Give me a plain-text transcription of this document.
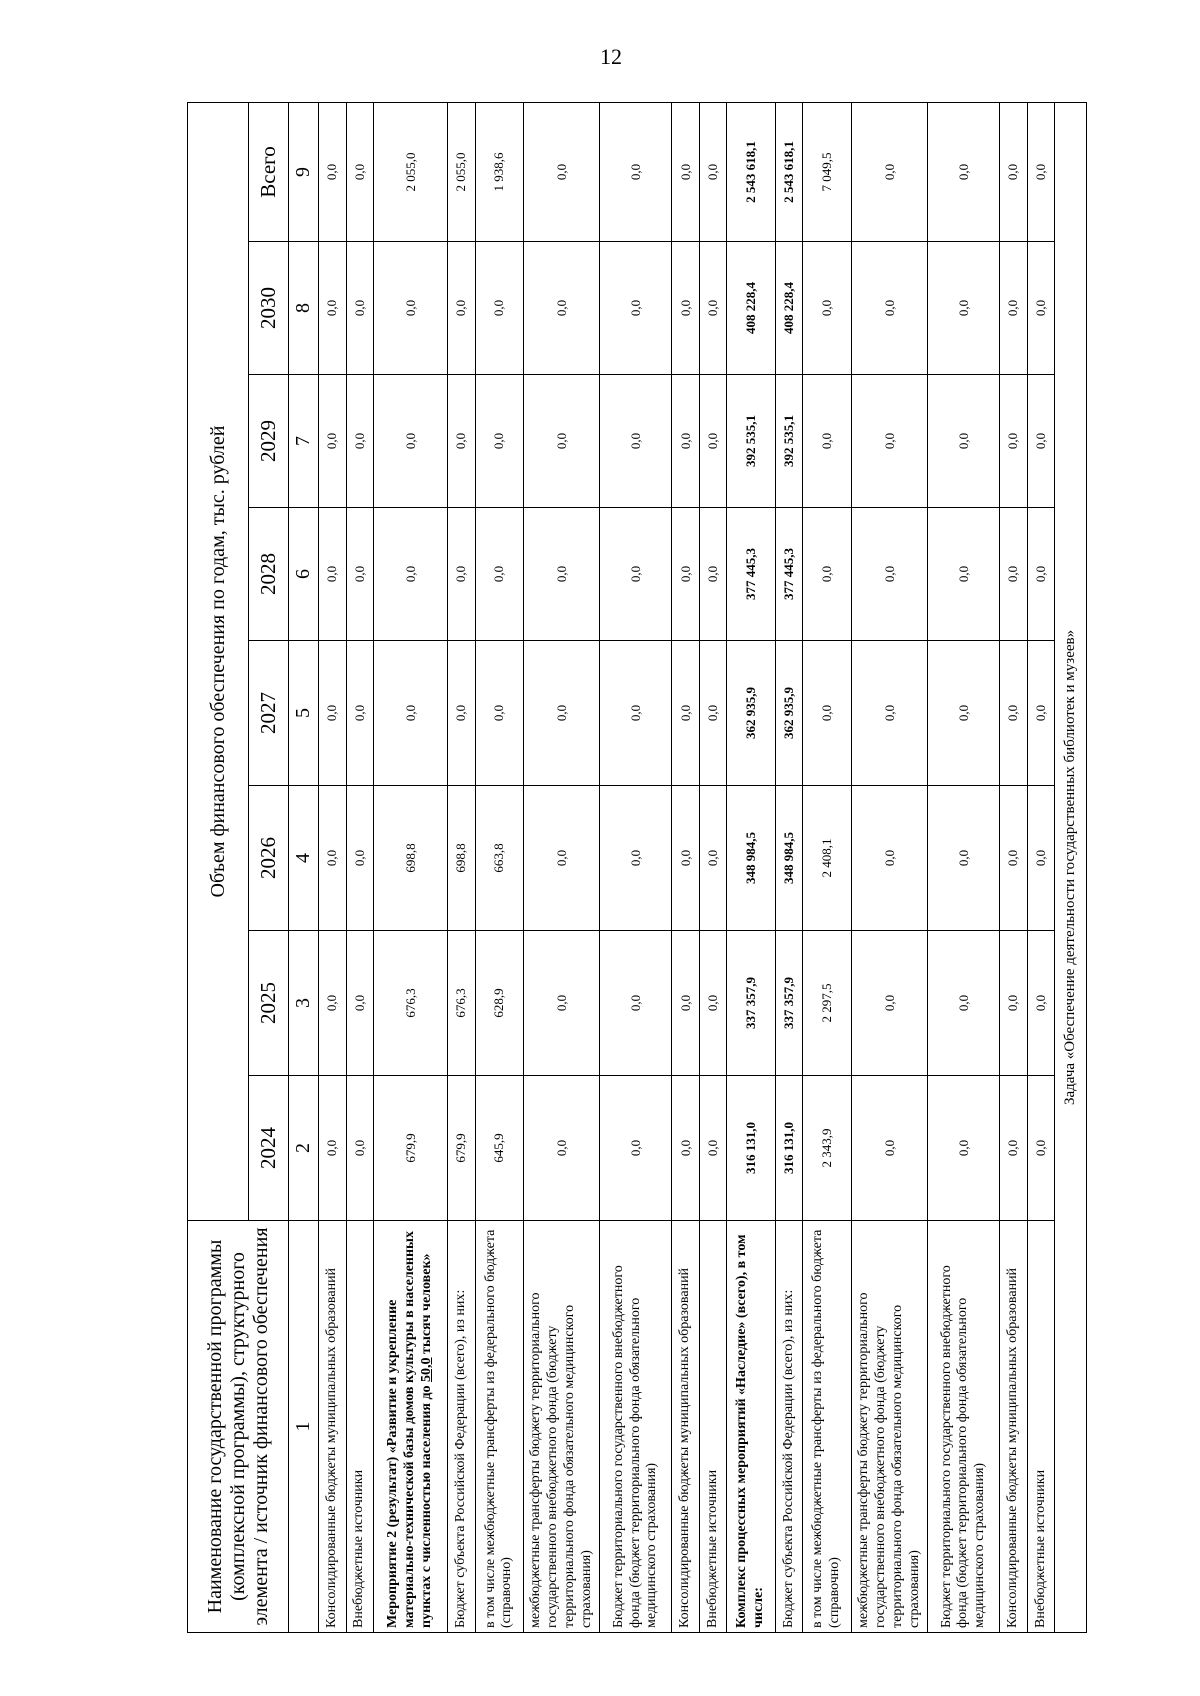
12
Наименование государственной программы (комплексной программы), структурного элемента / источник финансового обеспечения	Объем финансового обеспечения по годам, тыс. рублей							
	2024	2025	2026	2027	2028	2029	2030	Всего
1	2	3	4	5	6	7	8	9
Консолидированные бюджеты муниципальных образований	0,0	0,0	0,0	0,0	0,0	0,0	0,0	0,0
Внебюджетные источники	0,0	0,0	0,0	0,0	0,0	0,0	0,0	0,0
Мероприятие 2 (результат) «Развитие и укрепление материально-технической базы домов культуры в населенных пунктах с численностью населения до 50,0 тысяч человек»	679,9	676,3	698,8	0,0	0,0	0,0	0,0	2 055,0
Бюджет субъекта Российской Федерации (всего), из них:	679,9	676,3	698,8	0,0	0,0	0,0	0,0	2 055,0
в том числе межбюджетные трансферты из федерального бюджета (справочно)	645,9	628,9	663,8	0,0	0,0	0,0	0,0	1 938,6
межбюджетные трансферты бюджету территориального государственного внебюджетного фонда (бюджету территориального фонда обязательного медицинского страхования)	0,0	0,0	0,0	0,0	0,0	0,0	0,0	0,0
Бюджет территориального государственного внебюджетного фонда (бюджет территориального фонда обязательного медицинского страхования)	0,0	0,0	0,0	0,0	0,0	0,0	0,0	0,0
Консолидированные бюджеты муниципальных образований	0,0	0,0	0,0	0,0	0,0	0,0	0,0	0,0
Внебюджетные источники	0,0	0,0	0,0	0,0	0,0	0,0	0,0	0,0
Комплекс процессных мероприятий «Наследие» (всего), в том числе:	316 131,0	337 357,9	348 984,5	362 935,9	377 445,3	392 535,1	408 228,4	2 543 618,1
Бюджет субъекта Российской Федерации (всего), из них:	316 131,0	337 357,9	348 984,5	362 935,9	377 445,3	392 535,1	408 228,4	2 543 618,1
в том числе межбюджетные трансферты из федерального бюджета (справочно)	2 343,9	2 297,5	2 408,1	0,0	0,0	0,0	0,0	7 049,5
межбюджетные трансферты бюджету территориального государственного внебюджетного фонда (бюджету территориального фонда обязательного медицинского страхования)	0,0	0,0	0,0	0,0	0,0	0,0	0,0	0,0
Бюджет территориального государственного внебюджетного фонда (бюджет территориального фонда обязательного медицинского страхования)	0,0	0,0	0,0	0,0	0,0	0,0	0,0	0,0
Консолидированные бюджеты муниципальных образований	0,0	0,0	0,0	0,0	0,0	0,0	0,0	0,0
Внебюджетные источники	0,0	0,0	0,0	0,0	0,0	0,0	0,0	0,0
Задача «Обеспечение деятельности государственных библиотек и музеев»								
